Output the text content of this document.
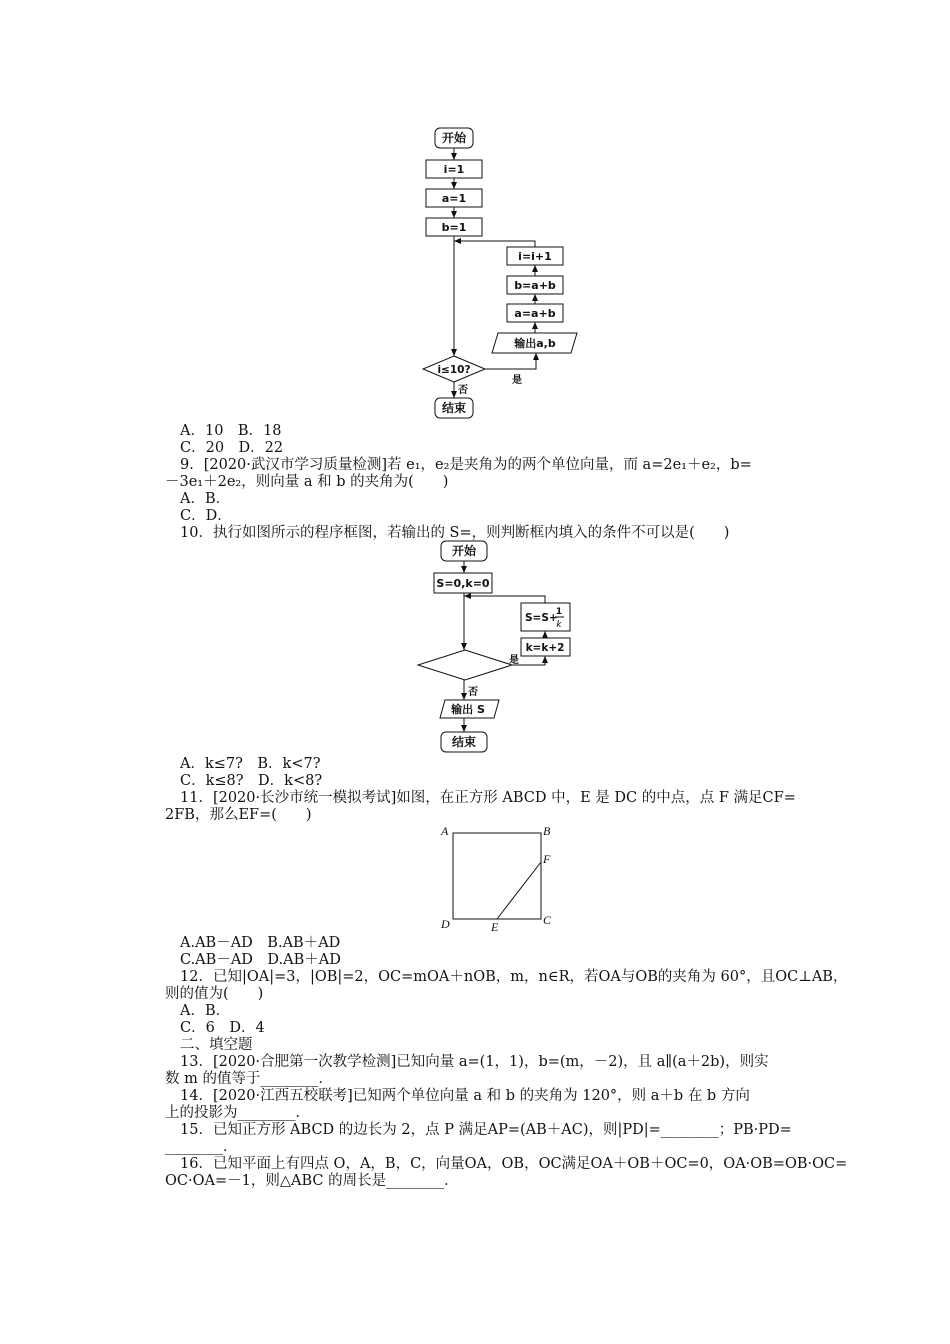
开始
i=1
a=1
b=1
i=i+1
b=a+b
a=a+b
输出a,b
i≤10?
是
否
结束
开始
S=0,k=0
S=S+
1
k
k=k+2
是
否
输出 S
结束
A	B
F
C
D	E
A．10　B．18
C．20　D．22
9．[2020·武汉市学习质量检测]若 e₁，e₂是夹角为的两个单位向量，而 a=2e₁＋e₂，b=
－3e₁＋2e₂，则向量 a 和 b 的夹角为(　　)
A．B．
C．D．
10．执行如图所示的程序框图，若输出的 S=，则判断框内填入的条件不可以是(　　)
A．k≤7?　B．k<7?
C．k≤8?　D．k<8?
11．[2020·长沙市统一模拟考试]如图，在正方形 ABCD 中，E 是 DC 的中点，点 F 满足CF=
2FB，那么EF=(　　)
A.AB－AD　B.AB＋AD
C.AB－AD　D.AB＋AD
12．已知|OA|=3，|OB|=2，OC=mOA＋nOB，m，n∈R，若OA与OB的夹角为 60°，且OC⊥AB，
则的值为(　　)
A．B．
C．6　D．4
二、填空题
13．[2020·合肥第一次教学检测]已知向量 a=(1，1)，b=(m，－2)，且 a∥(a＋2b)，则实
数 m 的值等于________．
14．[2020·江西五校联考]已知两个单位向量 a 和 b 的夹角为 120°，则 a＋b 在 b 方向
上的投影为________．
15．已知正方形 ABCD 的边长为 2，点 P 满足AP=(AB＋AC)，则|PD|=________；PB·PD=
________．
16．已知平面上有四点 O，A，B，C，向量OA，OB，OC满足OA＋OB＋OC=0，OA·OB=OB·OC=
OC·OA=－1，则△ABC 的周长是________．
